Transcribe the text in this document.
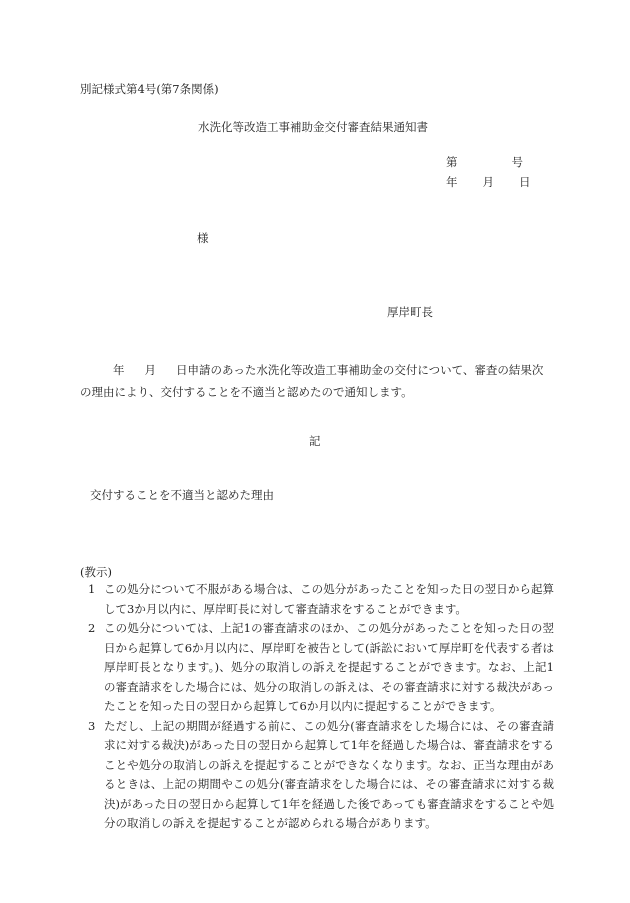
別記様式第4号(第7条関係)
水洗化等改造工事補助金交付審査結果通知書
第	号
年 月 日
様
厚岸町長
年 月 日申請のあった水洗化等改造工事補助金の交付について、審査の結果次の理由により、交付することを不適当と認めたので通知します。
記
交付することを不適当と認めた理由
(教示)
1 この処分について不服がある場合は、この処分があったことを知った日の翌日から起算して3か月以内に、厚岸町長に対して審査請求をすることができます。
2 この処分については、上記1の審査請求のほか、この処分があったことを知った日の翌日から起算して6か月以内に、厚岸町を被告として(訴訟において厚岸町を代表する者は厚岸町長となります。)、処分の取消しの訴えを提起することができます。なお、上記1の審査請求をした場合には、処分の取消しの訴えは、その審査請求に対する裁決があったことを知った日の翌日から起算して6か月以内に提起することができます。
3 ただし、上記の期間が経過する前に、この処分(審査請求をした場合には、その審査請求に対する裁決)があった日の翌日から起算して1年を経過した場合は、審査請求をすることや処分の取消しの訴えを提起することができなくなります。なお、正当な理由があるときは、上記の期間やこの処分(審査請求をした場合には、その審査請求に対する裁決)があった日の翌日から起算して1年を経過した後であっても審査請求をすることや処分の取消しの訴えを提起することが認められる場合があります。
